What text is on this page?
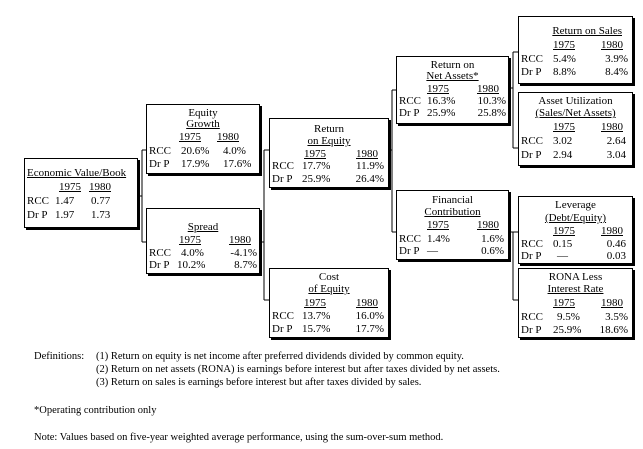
Economic Value/Book
1975 1980
RCC 1.47 0.77
Dr P 1.97 1.73
Equity
Growth
1975 1980
RCC 20.6% 4.0%
Dr P 17.9% 17.6%
Spread
1975	1980
RCC 4.0% -4.1%
Dr P 10.2%	8.7%
Return
on Equity
1975	1980
RCC 17.7% 11.9%
Dr P 25.9% 26.4%
Cost
of Equity
1975	1980
RCC 13.7% 16.0%
Dr P 15.7% 17.7%
Return on
Net Assets*
1975	1980
RCC 16.3% 10.3%
Dr P 25.9% 25.8%
Financial
Contribution
1975	1980
RCC 1.4%	1.6%
Dr P —	0.6%
Return on Sales
1975 1980
RCC 5.4%	3.9%
Dr P 8.8%	8.4%
Asset Utilization
(Sales/Net Assets)
1975 1980
RCC 3.02	2.64
Dr P 2.94	3.04
Leverage
(Debt/Equity)
1975 1980
RCC 0.15	0.46
Dr P —	0.03
RONA Less
Interest Rate
1975 1980
RCC 9.5% 3.5%
Dr P 25.9% 18.6%
Definitions: (1) Return on equity is net income after preferred dividends divided by common equity.
(2) Return on net assets (RONA) is earnings before interest but after taxes divided by net assets.
(3) Return on sales is earnings before interest but after taxes divided by sales.
*Operating contribution only
Note: Values based on five-year weighted average performance, using the sum-over-sum method.
